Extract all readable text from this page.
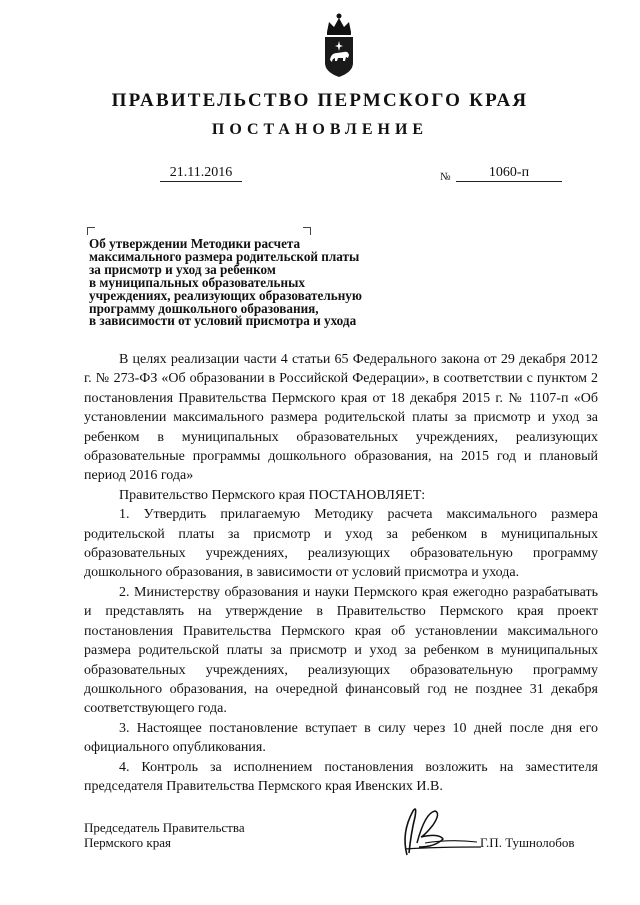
ПРАВИТЕЛЬСТВО ПЕРМСКОГО КРАЯ
ПОСТАНОВЛЕНИЕ
21.11.2016	№	1060-п
Об утверждении Методики расчета
максимального размера родительской платы
за присмотр и уход за ребенком
в муниципальных образовательных
учреждениях, реализующих образовательную
программу дошкольного образования,
в зависимости от условий присмотра и ухода

В целях реализации части 4 статьи 65 Федерального закона от 29 декабря 2012 г. № 273-ФЗ «Об образовании в Российской Федерации», в соответствии с пунктом 2 постановления Правительства Пермского края от 18 декабря 2015 г. № 1107-п «Об установлении максимального размера родительской платы за присмотр и уход за ребенком в муниципальных образовательных учреждениях, реализующих образовательные программы дошкольного образования, на 2015 год и плановый период 2016 года»

Правительство Пермского края ПОСТАНОВЛЯЕТ:

1. Утвердить прилагаемую Методику расчета максимального размера родительской платы за присмотр и уход за ребенком в муниципальных образовательных учреждениях, реализующих образовательную программу дошкольного образования, в зависимости от условий присмотра и ухода.

2. Министерству образования и науки Пермского края ежегодно разрабатывать и представлять на утверждение в Правительство Пермского края проект постановления Правительства Пермского края об установлении максимального размера родительской платы за присмотр и уход за ребенком в муниципальных образовательных учреждениях, реализующих образовательную программу дошкольного образования, на очередной финансовый год не позднее 31 декабря соответствующего года.

3. Настоящее постановление вступает в силу через 10 дней после дня его официального опубликования.

4. Контроль за исполнением постановления возложить на заместителя председателя Правительства Пермского края Ивенских И.В.

Председатель Правительства
Пермского края	Г.П. Тушнолобов
